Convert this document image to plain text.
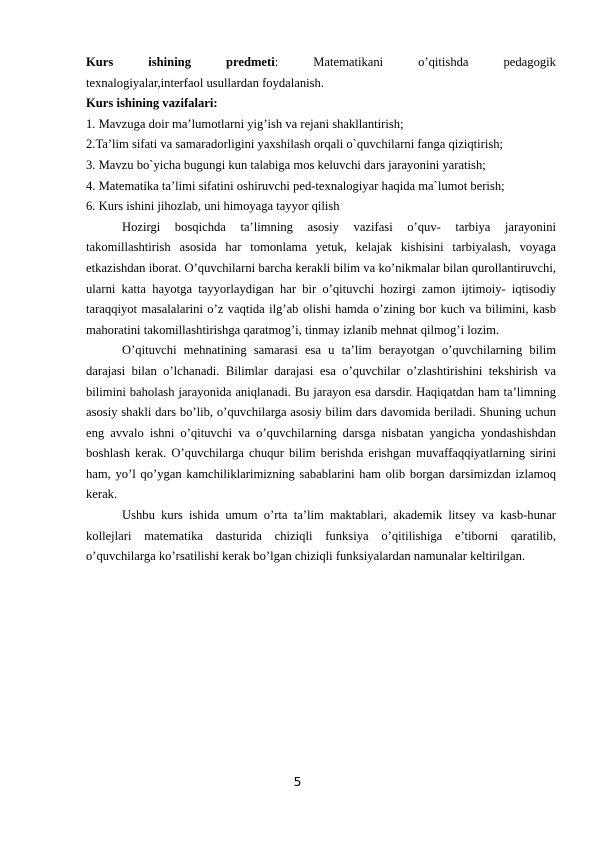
Kurs	ishining	predmeti:	Matematikani	o’qitishda	pedagogik
texnalogiyalar,interfaol usullardan foydalanish.
Kurs ishining vazifalari:
1. Mavzuga doir ma’lumotlarni yig’ish va rejani shakllantirish;
2.Ta’lim sifati va samaradorligini yaxshilash orqali o`quvchilarni fanga qiziqtirish;
3. Mavzu bo`yicha bugungi kun talabiga mos keluvchi dars jarayonini yaratish;
4. Matematika ta’limi sifatini oshiruvchi ped-texnalogiyar haqida ma`lumot berish;
6. Kurs ishini jihozlab, uni himoyaga tayyor qilish

Hozirgi bosqichda ta’limning asosiy vazifasi o’quv- tarbiya jarayonini takomillashtirish asosida har tomonlama yetuk, kelajak kishisini tarbiyalash, voyaga etkazishdan iborat. O’quvchilarni barcha kerakli bilim va ko’nikmalar bilan qurollantiruvchi, ularni katta hayotga tayyorlaydigan har bir o’qituvchi hozirgi zamon ijtimoiy- iqtisodiy taraqqiyot masalalarini o’z vaqtida ilg’ab olishi hamda o’zining bor kuch va bilimini, kasb mahoratini takomillashtirishga qaratmog’i, tinmay izlanib mehnat qilmog’i lozim.

O’qituvchi mehnatining samarasi esa u ta’lim berayotgan o’quvchilarning bilim darajasi bilan o’lchanadi. Bilimlar darajasi esa o’quvchilar o’zlashtirishini tekshirish va bilimini baholash jarayonida aniqlanadi. Bu jarayon esa darsdir. Haqiqatdan ham ta’limning asosiy shakli dars bo’lib, o’quvchilarga asosiy bilim dars davomida beriladi. Shuning uchun eng avvalo ishni o’qituvchi va o’quvchilarning darsga nisbatan yangicha yondashishdan boshlash kerak. O’quvchilarga chuqur bilim berishda erishgan muvaffaqqiyatlarning sirini ham, yo’l qo’ygan kamchiliklarimizning sabablarini ham olib borgan darsimizdan izlamoq kerak.

Ushbu kurs ishida umum o’rta ta’lim maktablari, akademik litsey va kasb-hunar kollejlari matematika dasturida chiziqli funksiya o’qitilishiga e’tiborni qaratilib, o’quvchilarga ko’rsatilishi kerak bo’lgan chiziqli funksiyalardan namunalar keltirilgan.

5
